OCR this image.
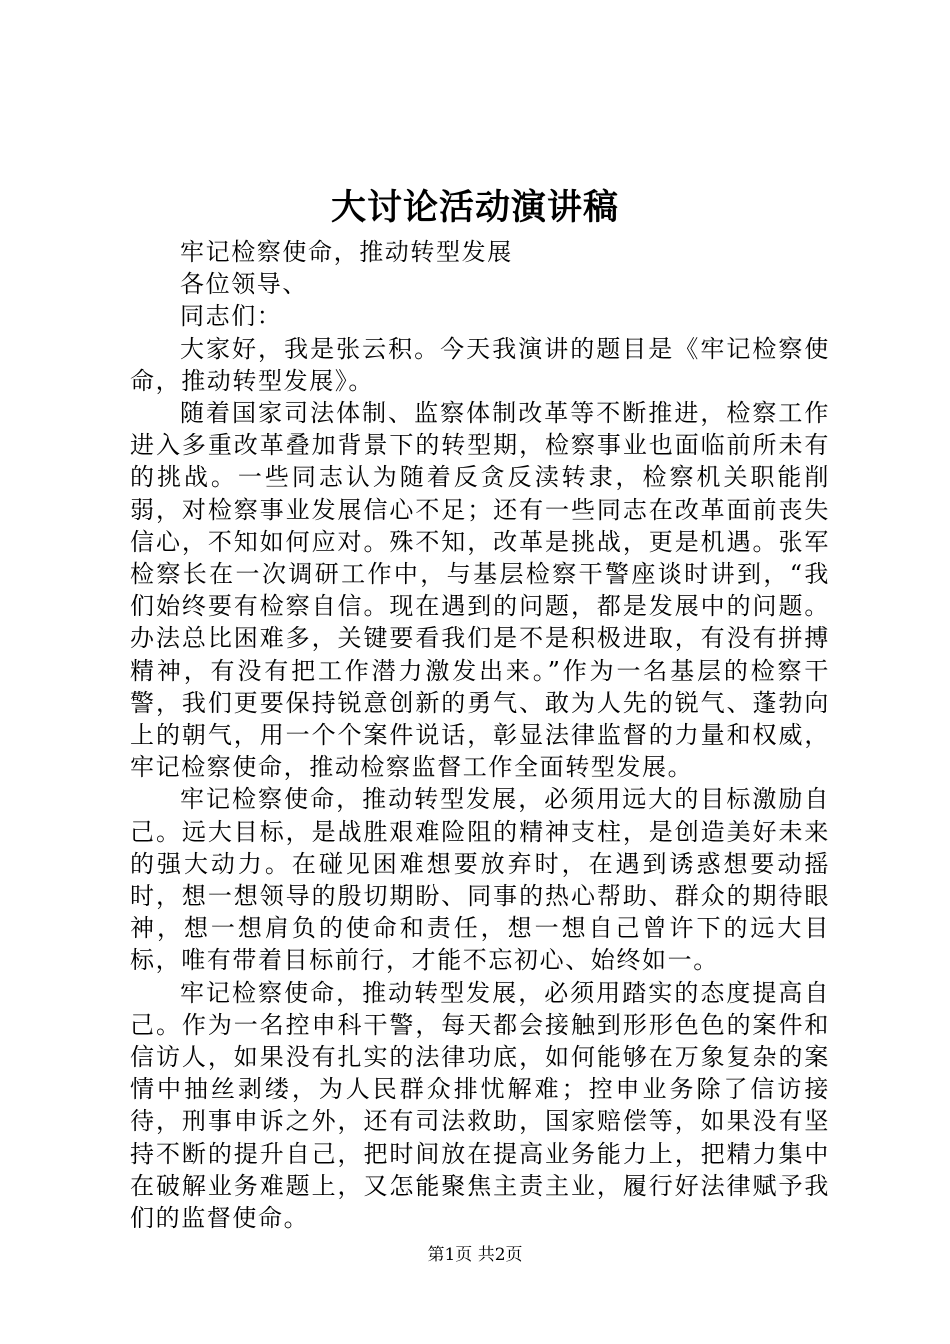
大讨论活动演讲稿

牢记检察使命，推动转型发展

各位领导、

同志们：

大家好，我是张云积。今天我演讲的题目是《牢记检察使命，推动转型发展》。

随着国家司法体制、监察体制改革等不断推进，检察工作进入多重改革叠加背景下的转型期，检察事业也面临前所未有的挑战。一些同志认为随着反贪反渎转隶，检察机关职能削弱，对检察事业发展信心不足；还有一些同志在改革面前丧失信心，不知如何应对。殊不知，改革是挑战，更是机遇。张军检察长在一次调研工作中，与基层检察干警座谈时讲到，“我们始终要有检察自信。现在遇到的问题，都是发展中的问题。办法总比困难多，关键要看我们是不是积极进取，有没有拼搏精神，有没有把工作潜力激发出来。”作为一名基层的检察干警，我们更要保持锐意创新的勇气、敢为人先的锐气、蓬勃向上的朝气，用一个个案件说话，彰显法律监督的力量和权威，牢记检察使命，推动检察监督工作全面转型发展。

牢记检察使命，推动转型发展，必须用远大的目标激励自己。远大目标，是战胜艰难险阻的精神支柱，是创造美好未来的强大动力。在碰见困难想要放弃时，在遇到诱惑想要动摇时，想一想领导的殷切期盼、同事的热心帮助、群众的期待眼神，想一想肩负的使命和责任，想一想自己曾许下的远大目标，唯有带着目标前行，才能不忘初心、始终如一。

牢记检察使命，推动转型发展，必须用踏实的态度提高自己。作为一名控申科干警，每天都会接触到形形色色的案件和信访人，如果没有扎实的法律功底，如何能够在万象复杂的案情中抽丝剥缕，为人民群众排忧解难；控申业务除了信访接待，刑事申诉之外，还有司法救助，国家赔偿等，如果没有坚持不断的提升自己，把时间放在提高业务能力上，把精力集中在破解业务难题上，又怎能聚焦主责主业，履行好法律赋予我们的监督使命。

第1页 共2页
